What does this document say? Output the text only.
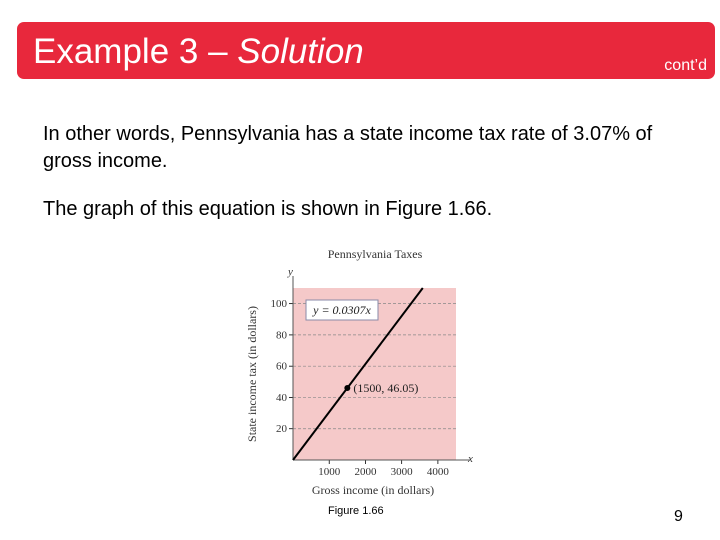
Example 3 – Solution	cont’d
In other words, Pennsylvania has a state income tax rate of 3.07% of gross income.
The graph of this equation is shown in Figure 1.66.
y = 0.0307x
(1500, 46.05)
Pennsylvania Taxes
Gross income (in dollars)
State income tax (in dollars)
x
y
1000 2000 3000 4000
20
40
60
80
100
Figure 1.66	9
